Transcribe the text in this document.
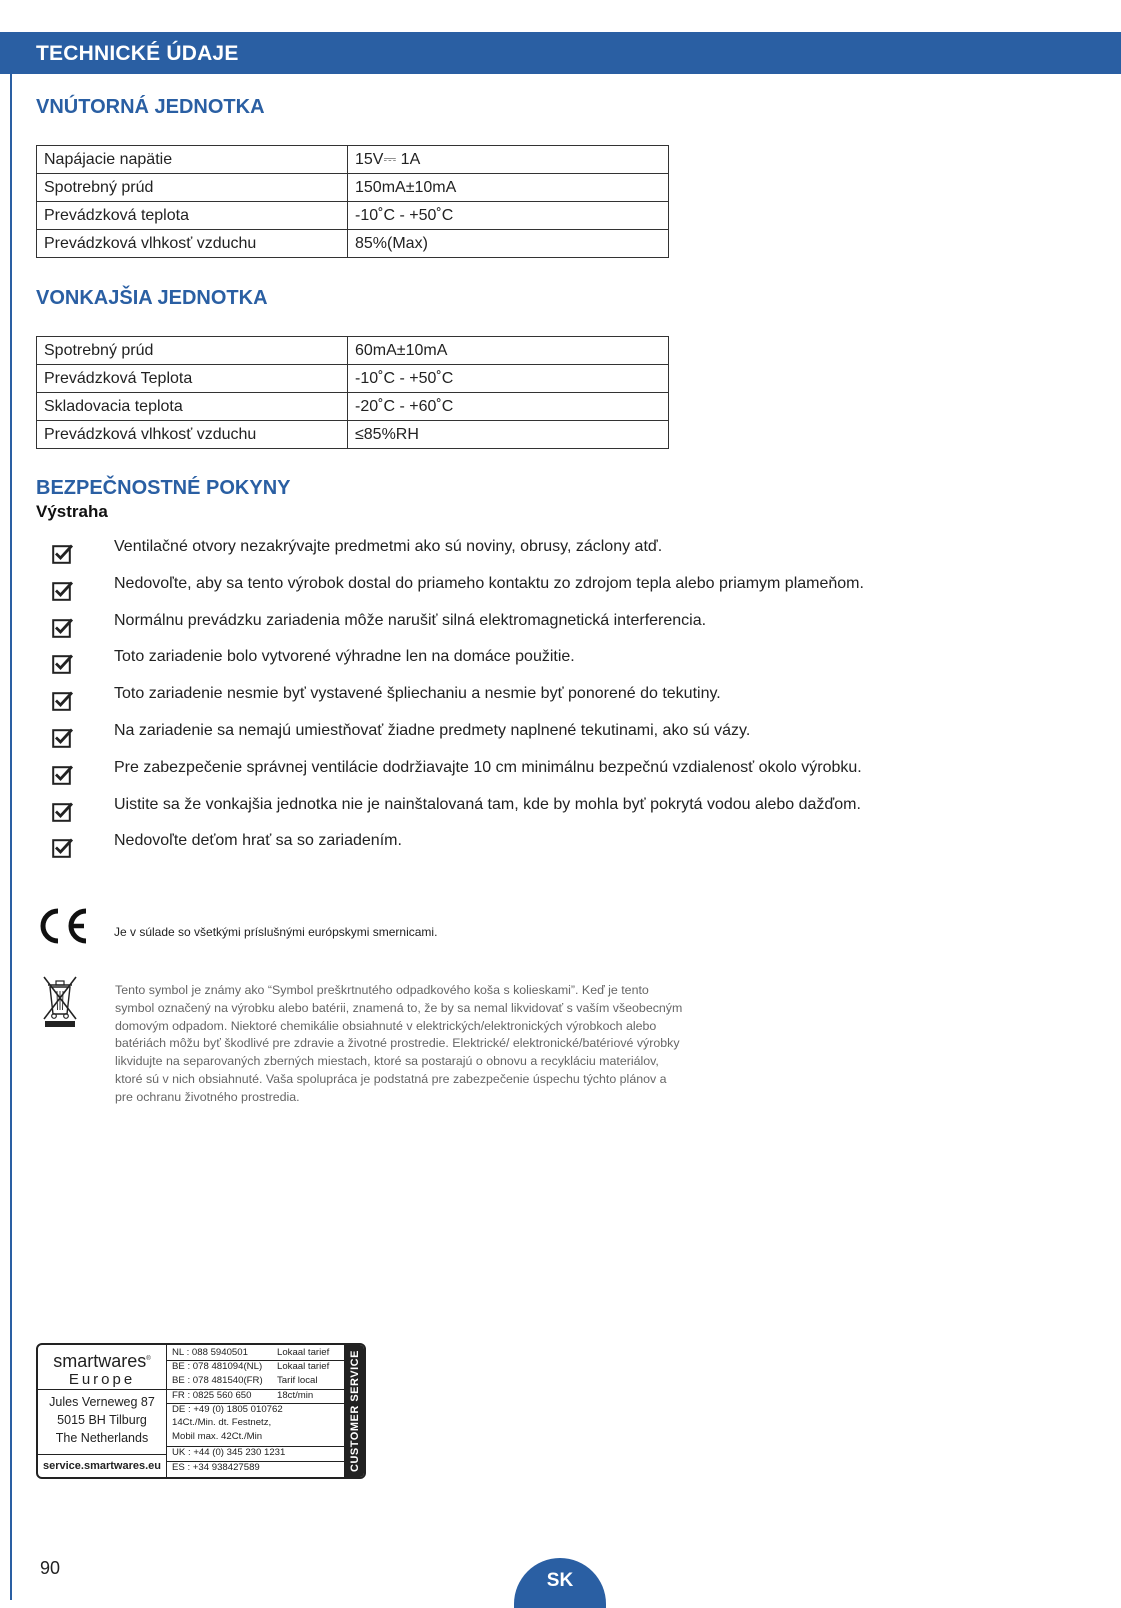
TECHNICKÉ ÚDAJE
VNÚTORNÁ JEDNOTKA
Napájacie napätie	15V⎓ 1A
Spotrebný prúd	150mA±10mA
Prevádzková teplota	-10˚C - +50˚C
Prevádzková vlhkosť vzduchu	85%(Max)
VONKAJŠIA JEDNOTKA
Spotrebný prúd	60mA±10mA
Prevádzková Teplota	-10˚C - +50˚C
Skladovacia teplota	-20˚C - +60˚C
Prevádzková vlhkosť vzduchu	≤85%RH
BEZPEČNOSTNÉ POKYNY
Výstraha
Ventilačné otvory nezakrývajte predmetmi ako sú noviny, obrusy, záclony atď.
Nedovoľte, aby sa tento výrobok dostal do priameho kontaktu zo zdrojom tepla alebo priamym plameňom.
Normálnu prevádzku zariadenia môže narušiť silná elektromagnetická interferencia.
Toto zariadenie bolo vytvorené výhradne len na domáce použitie.
Toto zariadenie nesmie byť vystavené špliechaniu a nesmie byť ponorené do tekutiny.
Na zariadenie sa nemajú umiestňovať žiadne predmety naplnené tekutinami, ako sú vázy.
Pre zabezpečenie správnej ventilácie dodržiavajte 10 cm minimálnu bezpečnú vzdialenosť okolo výrobku.
Uistite sa že vonkajšia jednotka nie je nainštalovaná tam, kde by mohla byť pokrytá vodou alebo dažďom.
Nedovoľte deťom hrať sa so zariadením.
Je v súlade so všetkými príslušnými európskymi smernicami.
Tento symbol je známy ako “Symbol preškrtnutého odpadkového koša s kolieskami”. Keď je tento symbol označený na výrobku alebo batérii, znamená to, že by sa nemal likvidovať s vaším všeobecným domovým odpadom. Niektoré chemikálie obsiahnuté v elektrických/elektronických výrobkoch alebo batériách môžu byť škodlivé pre zdravie a životné prostredie. Elektrické/ elektronické/batériové výrobky likvidujte na separovaných zberných miestach, ktoré sa postarajú o obnovu a recykláciu materiálov, ktoré sú v nich obsiahnuté. Vaša spolupráca je podstatná pre zabezpečenie úspechu týchto plánov a pre ochranu životného prostredia.
smartwares®
Europe
Jules Verneweg 87
5015 BH Tilburg
The Netherlands
service.smartwares.eu
NL : 088 5940501	Lokaal tarief
BE : 078 481094(NL) Lokaal tarief
BE : 078 481540(FR) Tarif local
FR : 0825 560 650	18ct/min
DE : +49 (0) 1805 010762
14Ct./Min. dt. Festnetz,
Mobil max. 42Ct./Min
UK : +44 (0) 345 230 1231
ES : +34 938427589	CUSTOMER SERVICE
90
SK
